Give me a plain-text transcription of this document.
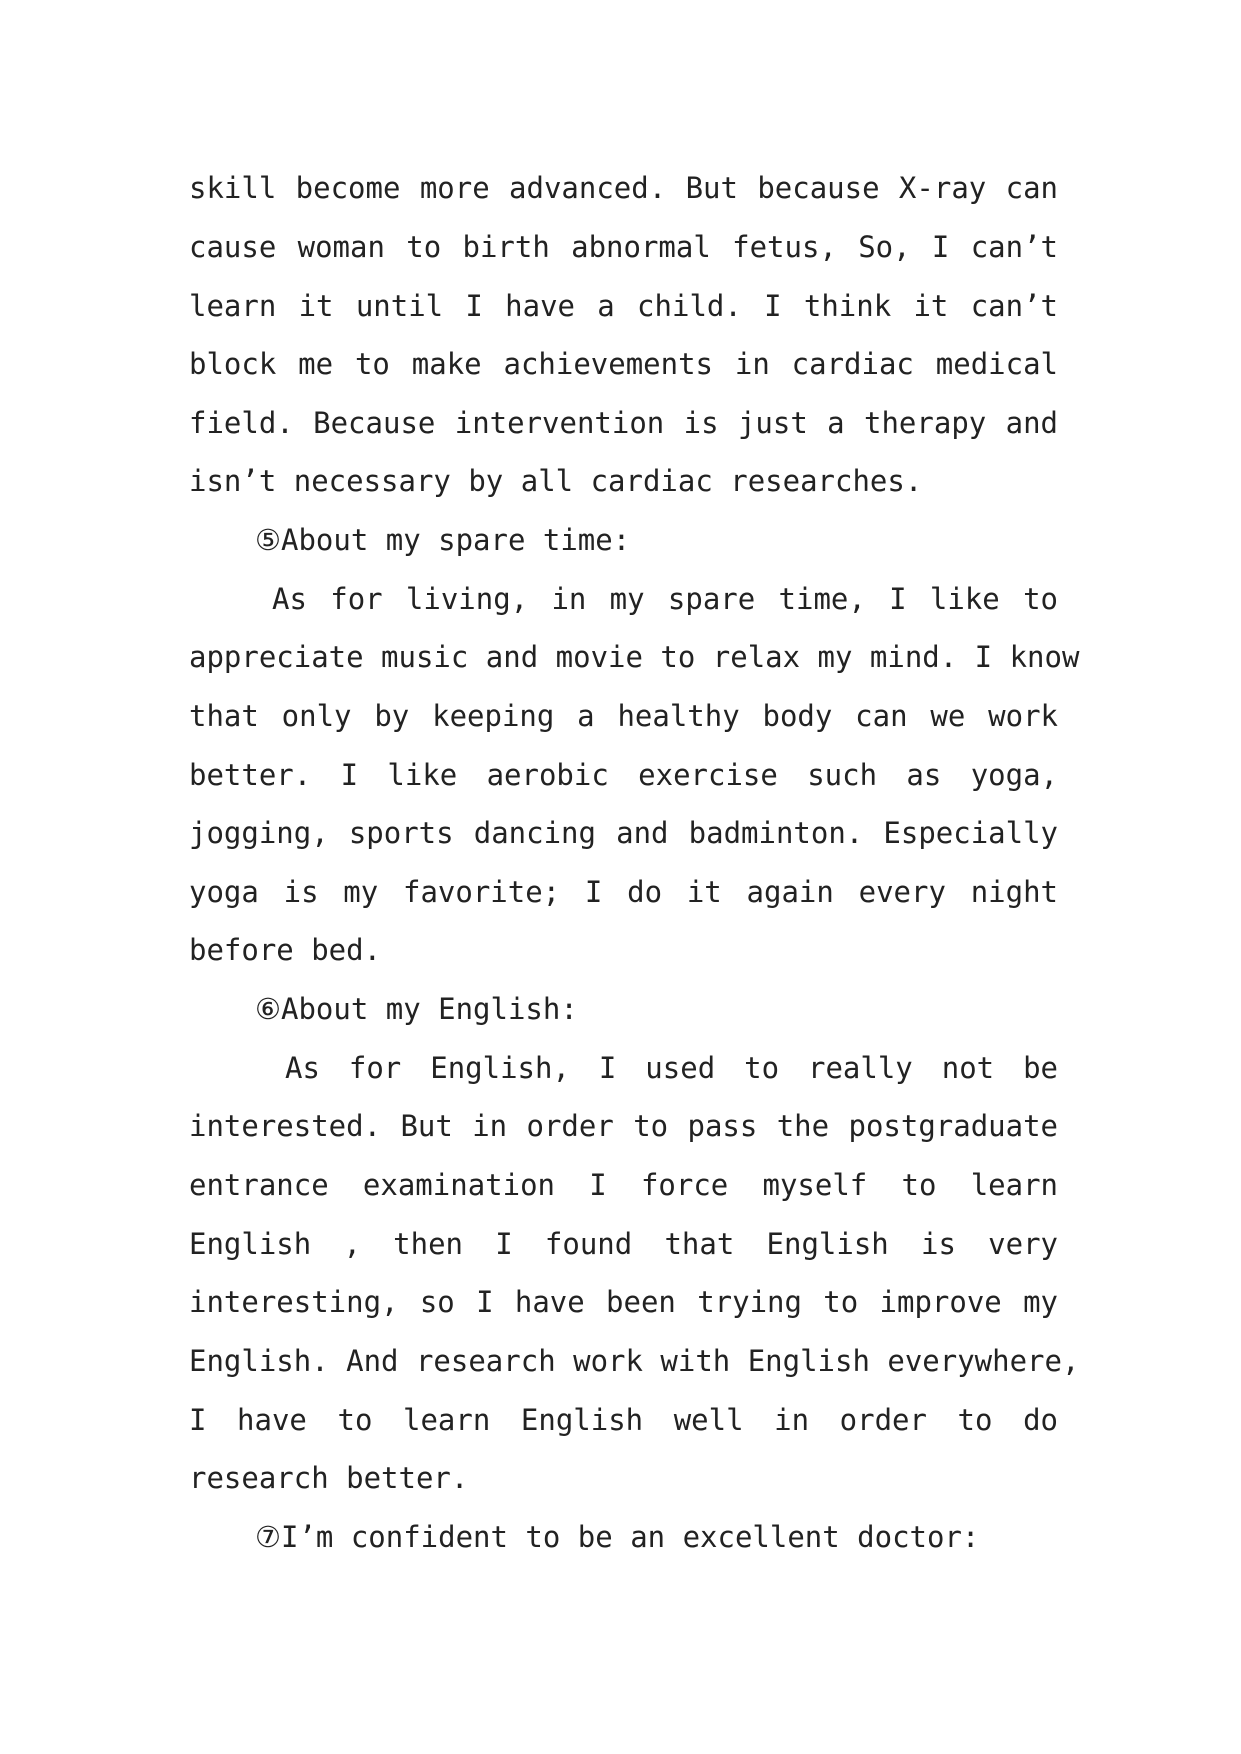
skill become more advanced. But because X-ray can
cause woman to birth abnormal fetus, So, I can’t
learn it until I have a child. I think it can’t
block me to make achievements in cardiac medical
field. Because intervention is just a therapy and
isn’t necessary by all cardiac researches.
⑤About my spare time:
As for living, in my spare time, I like to
appreciate music and movie to relax my mind. I know
that only by keeping a healthy body can we work
better. I like aerobic exercise such as yoga,
jogging, sports dancing and badminton. Especially
yoga is my favorite; I do it again every night
before bed.
⑥About my English:
As for English, I used to really not be
interested. But in order to pass the postgraduate
entrance examination I force myself to learn
English , then I found that English is very
interesting, so I have been trying to improve my
English. And research work with English everywhere,
I have to learn English well in order to do
research better.
⑦I’m confident to be an excellent doctor:
